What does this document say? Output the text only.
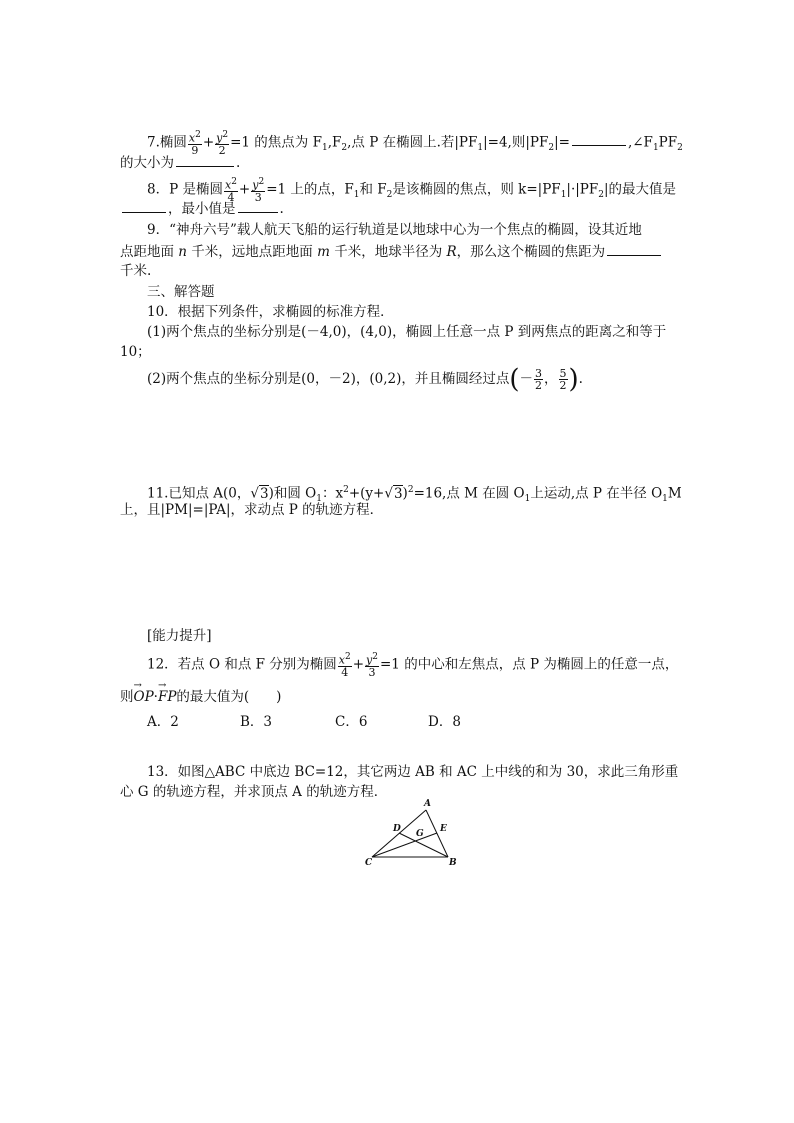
7.椭圆 $\frac{x^2}{9} + \frac{y^2}{2} =1$ 的焦点为 $F_1,F_2$,点 P 在椭圆上.若$|PF_1|=4$,则$|PF_2|=$	$,\angle F_1PF_2$
的大小为	.
8．P 是椭圆 $\frac{x^2}{4} + \frac{y^2}{3} =1$ 上的点，$F_1$和 $F_2$是该椭圆的焦点，则 $k=|PF_1|\cdot|PF_2|$的最大值是
，最小值是	.
9．“神舟六号”载人航天飞船的运行轨道是以地球中心为一个焦点的椭圆，设其近地
点距地面 n 千米，远地点距地面 m 千米，地球半径为 R，那么这个椭圆的焦距为
千米.
三、解答题
10．根据下列条件，求椭圆的标准方程．
(1)两个焦点的坐标分别是(－4,0)，(4,0)，椭圆上任意一点 P 到两焦点的距离之和等于
10；
(2)两个焦点的坐标分别是(0，－2)，(0,2)，并且椭圆经过点(－ $\frac{3}{2}$ ， $\frac{5}{2}$ ).
11.已知点 A(0，√3)和圆 $O_1$：$x^2+(y+√3)^2=16$,点 M 在圆 $O_1$上运动,点 P 在半径 $O_1M$
上，且|PM|=|PA|，求动点 P 的轨迹方程．
[能力提升]
12．若点 O 和点 F 分别为椭圆 $\frac{x^2}{4} + \frac{y^2}{3} =1$ 的中心和左焦点，点 P 为椭圆上的任意一点，
则→ OP·→ FP的最大值为(　　)
A．2	B．3	C．6	D．8
13．如图△ABC 中底边 BC=12，其它两边 AB 和 AC 上中线的和为 30，求此三角形重
心 G 的轨迹方程，并求顶点 A 的轨迹方程．
A
B
C
D	E
G
